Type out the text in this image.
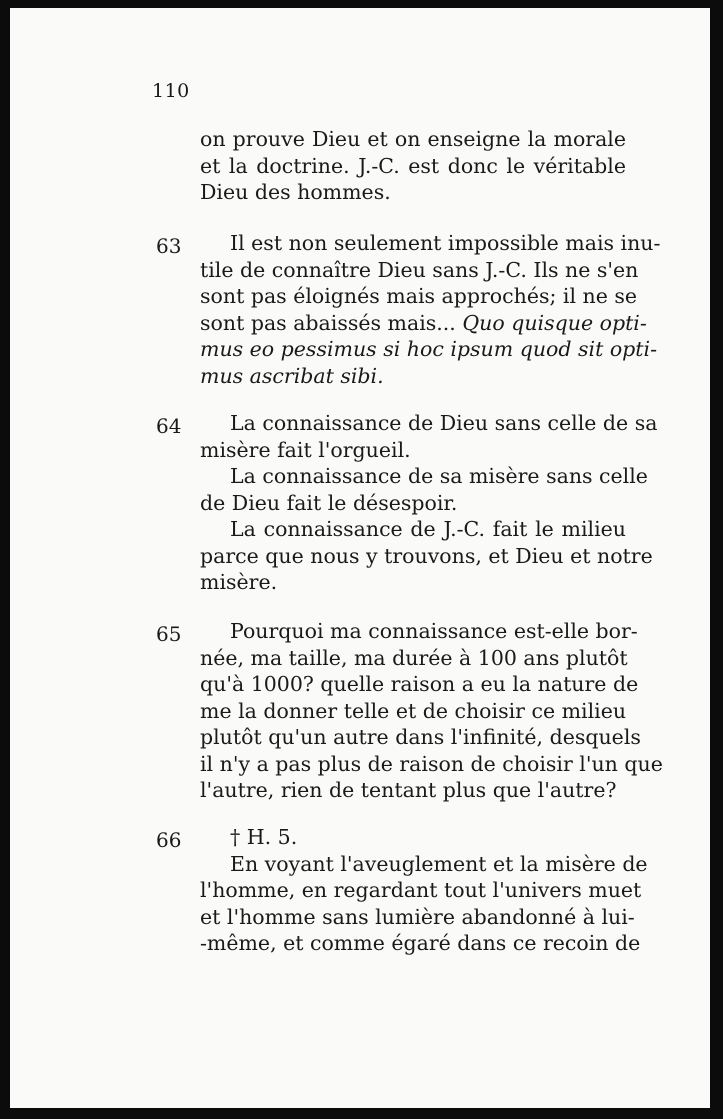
110
on prouve Dieu et on enseigne la morale
et la doctrine. J.-C. est donc le véritable
Dieu des hommes.
63	Il est non seulement impossible mais inu-
tile de connaître Dieu sans J.-C. Ils ne s'en
sont pas éloignés mais approchés; il ne se
sont pas abaissés mais... Quo quisque opti-
mus eo pessimus si hoc ipsum quod sit opti-
mus ascribat sibi.
64	La connaissance de Dieu sans celle de sa
misère fait l'orgueil.
La connaissance de sa misère sans celle
de Dieu fait le désespoir.
La connaissance de J.-C. fait le milieu
parce que nous y trouvons, et Dieu et notre
misère.
65	Pourquoi ma connaissance est-elle bor-
née, ma taille, ma durée à 100 ans plutôt
qu'à 1000? quelle raison a eu la nature de
me la donner telle et de choisir ce milieu
plutôt qu'un autre dans l'infinité, desquels
il n'y a pas plus de raison de choisir l'un que
l'autre, rien de tentant plus que l'autre?
66	† H. 5.
En voyant l'aveuglement et la misère de
l'homme, en regardant tout l'univers muet
et l'homme sans lumière abandonné à lui-
-même, et comme égaré dans ce recoin de
